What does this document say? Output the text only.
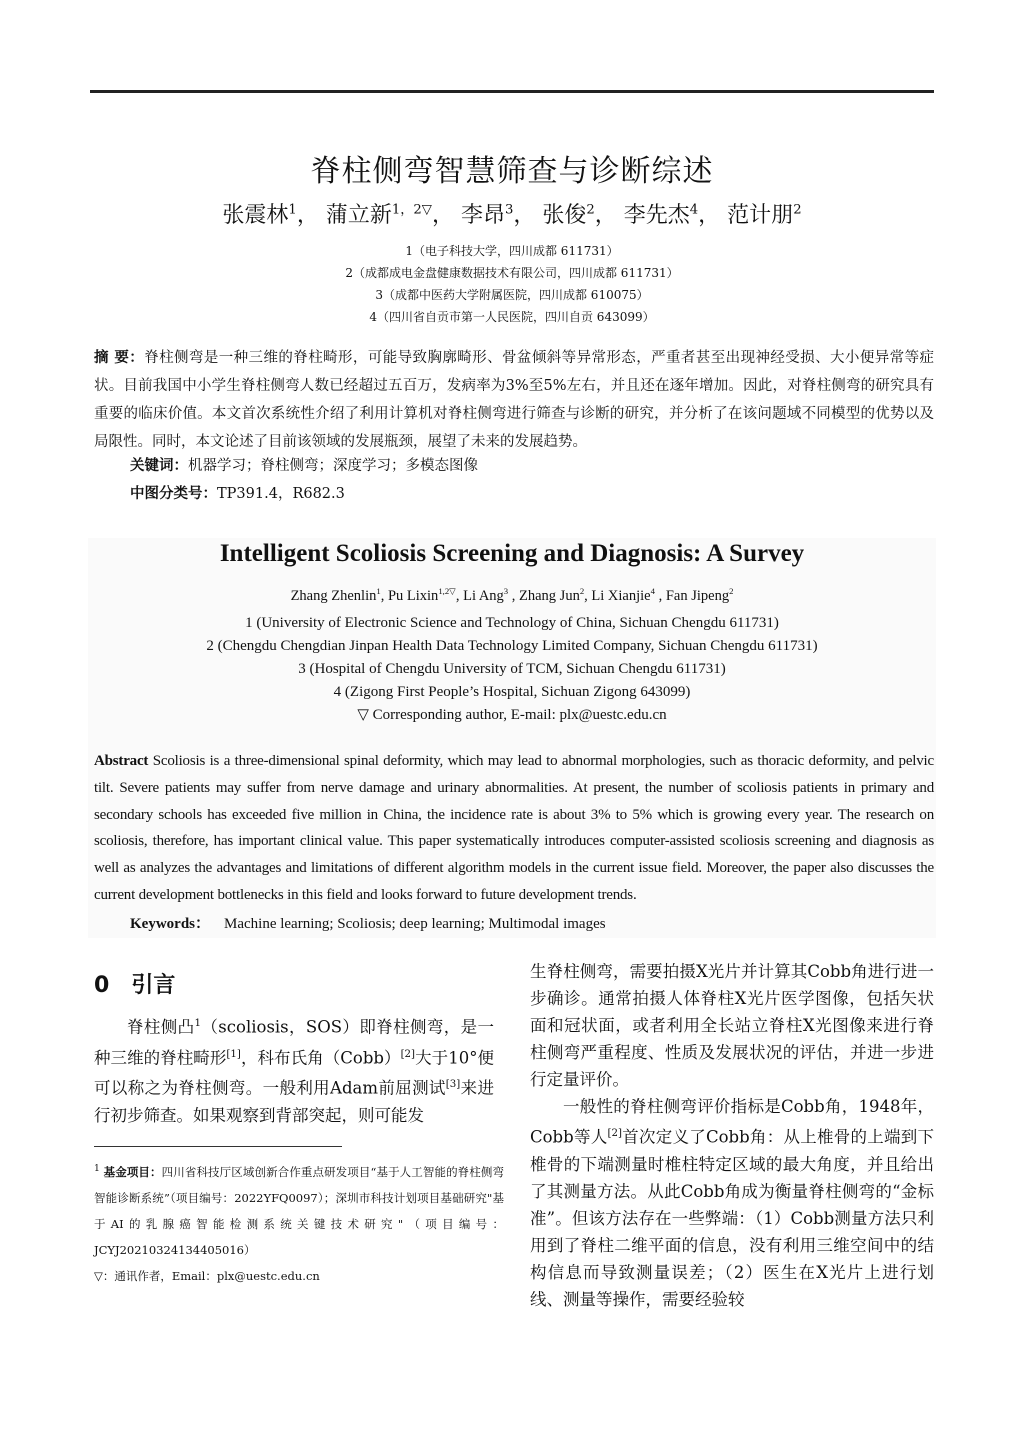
脊柱侧弯智慧筛查与诊断综述
张震林$^1$， 蒲立新$^{1,2▽}$， 李昂$^3$， 张俊$^2$， 李先杰$^4$， 范计朋$^2$
1（电子科技大学，四川成都 611731）
2（成都成电金盘健康数据技术有限公司，四川成都 611731）
3（成都中医药大学附属医院，四川成都 610075）
4（四川省自贡市第一人民医院，四川自贡 643099）
摘 要：脊柱侧弯是一种三维的脊柱畸形，可能导致胸廓畸形、骨盆倾斜等异常形态，严重者甚至出现神经受损、大小便异常等症状。目前我国中小学生脊柱侧弯人数已经超过五百万，发病率为3%至5%左右，并且还在逐年增加。因此，对脊柱侧弯的研究具有重要的临床价值。本文首次系统性介绍了利用计算机对脊柱侧弯进行筛查与诊断的研究，并分析了在该问题域不同模型的优势以及局限性。同时，本文论述了目前该领域的发展瓶颈，展望了未来的发展趋势。
关键词：机器学习；脊柱侧弯；深度学习；多模态图像
中图分类号：TP391.4，R682.3
Intelligent Scoliosis Screening and Diagnosis: A Survey
Zhang Zhenlin$^1$, Pu Lixin$^{1,2▽}$, Li Ang$^3$ , Zhang Jun$^2$, Li Xianjie$^4$ , Fan Jipeng$^2$
1 (University of Electronic Science and Technology of China, Sichuan Chengdu 611731)
2 (Chengdu Chengdian Jinpan Health Data Technology Limited Company, Sichuan Chengdu 611731)
3 (Hospital of Chengdu University of TCM, Sichuan Chengdu 611731)
4 (Zigong First People’s Hospital, Sichuan Zigong 643099)
▽ Corresponding author, E-mail: plx@uestc.edu.cn
Abstract Scoliosis is a three-dimensional spinal deformity, which may lead to abnormal morphologies, such as thoracic deformity, and pelvic tilt. Severe patients may suffer from nerve damage and urinary abnormalities. At present, the number of scoliosis patients in primary and secondary schools has exceeded five million in China, the incidence rate is about 3% to 5% which is growing every year. The research on scoliosis, therefore, has important clinical value. This paper systematically introduces computer-assisted scoliosis screening and diagnosis as well as analyzes the advantages and limitations of different algorithm models in the current issue field. Moreover, the paper also discusses the current development bottlenecks in this field and looks forward to future development trends.
Keywords： Machine learning; Scoliosis; deep learning; Multimodal images
0 引言

脊柱侧凸$^1$（scoliosis，SOS）即脊柱侧弯，是一种三维的脊柱畸形[1]，科布氏角（Cobb）[2]大于10°便可以称之为脊柱侧弯。一般利用Adam前屈测试[3]来进行初步筛查。如果观察到背部突起，则可能发

生脊柱侧弯，需要拍摄X光片并计算其Cobb角进行进一步确诊。通常拍摄人体脊柱X光片医学图像，包括矢状面和冠状面，或者利用全长站立脊柱X光图像来进行脊柱侧弯严重程度、性质及发展状况的评估，并进一步进行定量评价。

一般性的脊柱侧弯评价指标是Cobb角，1948年，Cobb等人[2]首次定义了Cobb角：从上椎骨的上端到下椎骨的下端测量时椎柱特定区域的最大角度，并且给出了其测量方法。从此Cobb角成为衡量脊柱侧弯的“金标准”。但该方法存在一些弊端：（1）Cobb测量方法只利用到了脊柱二维平面的信息，没有利用三维空间中的结构信息而导致测量误差；（2）医生在X光片上进行划线、测量等操作，需要经验较

$^1$ 基金项目：四川省科技厅区域创新合作重点研发项目“基于人工智能的脊柱侧弯智能诊断系统”（项目编号：2022YFQ0097）；深圳市科技计划项目基础研究"基于AI的乳腺癌智能检测系统关键技术研究"（项目编号：JCYJ20210324134405016）

▽：通讯作者，Email：plx@uestc.edu.cn
